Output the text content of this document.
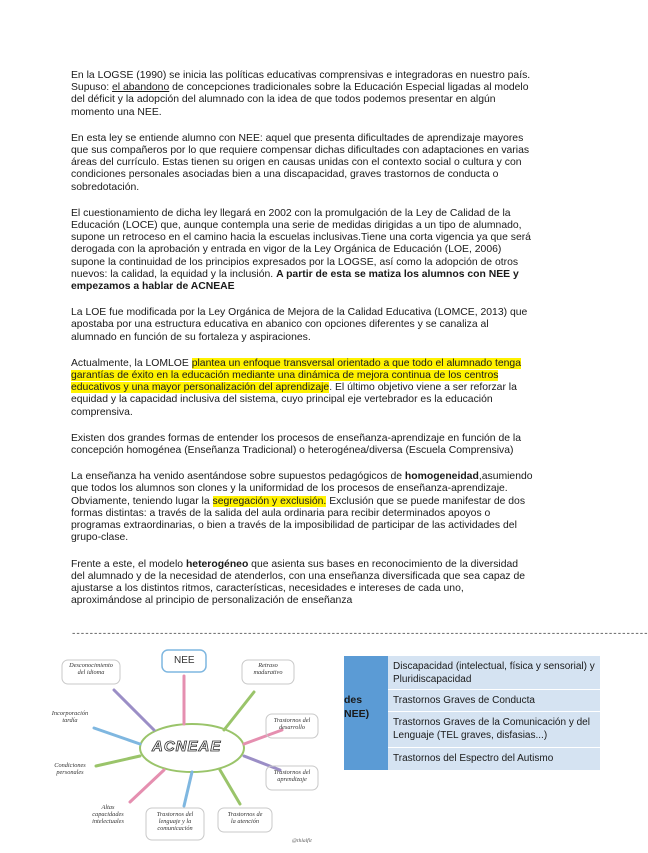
En la LOGSE (1990) se inicia las políticas educativas comprensivas e integradoras en nuestro país. Supuso: el abandono de concepciones tradicionales sobre la Educación Especial ligadas al modelo del déficit y la adopción del alumnado con la idea de que todos podemos presentar en algún momento una NEE.

En esta ley se entiende alumno con NEE: aquel que presenta dificultades de aprendizaje mayores que sus compañeros por lo que requiere compensar dichas dificultades con adaptaciones en varias áreas del currículo. Estas tienen su origen en causas unidas con el contexto social o cultura y con condiciones personales asociadas bien a una discapacidad, graves trastornos de conducta o sobredotación.

El cuestionamiento de dicha ley llegará en 2002 con la promulgación de la Ley de Calidad de la Educación (LOCE) que, aunque contempla una serie de medidas dirigidas a un tipo de alumnado, supone un retroceso en el camino hacia la escuelas inclusivas.Tiene una corta vigencia ya que será derogada con la aprobación y entrada en vigor de la Ley Orgánica de Educación (LOE, 2006) supone la continuidad de los principios expresados por la LOGSE, así como la adopción de otros nuevos: la calidad, la equidad y la inclusión. A partir de esta se matiza los alumnos con NEE y empezamos a hablar de ACNEAE

La LOE fue modificada por la Ley Orgánica de Mejora de la Calidad Educativa (LOMCE, 2013) que apostaba por una estructura educativa en abanico con opciones diferentes y se canaliza al alumnado en función de su fortaleza y aspiraciones.

Actualmente, la LOMLOE plantea un enfoque transversal orientado a que todo el alumnado tenga garantías de éxito en la educación mediante una dinámica de mejora continua de los centros educativos y una mayor personalización del aprendizaje. El último objetivo viene a ser reforzar la equidad y la capacidad inclusiva del sistema, cuyo principal eje vertebrador es la educación comprensiva.

Existen dos grandes formas de entender los procesos de enseñanza-aprendizaje en función de la concepción homogénea (Enseñanza Tradicional) o heterogénea/diversa (Escuela Comprensiva)

La enseñanza ha venido asentándose sobre supuestos pedagógicos de homogeneidad,asumiendo que todos los alumnos son clones y la uniformidad de los procesos de enseñanza-aprendizaje. Obviamente, teniendo lugar la segregación y exclusión. Exclusión que se puede manifestar de dos formas distintas: a través de la salida del aula ordinaria para recibir determinados apoyos o programas extraordinarias, o bien a través de la imposibilidad de participar de las actividades del grupo-clase.

Frente a este, el modelo heterogéneo que asienta sus bases en reconocimiento de la diversidad del alumnado y de la necesidad de atenderlos, con una enseñanza diversificada que sea capaz de ajustarse a los distintos ritmos, características, necesidades e intereses de cada uno, aproximándose al principio de personalización de enseñanza

-----------------------------------------------------------------------------------------------------------------------------------
NEE
ACNEAE
Desconocimiento
del idioma
Retraso
madurativo
Incorporación
tardía	Trastornos del
desarrollo
Condiciones
personales	Trastornos del
aprendizaje
Altas
capacidades
intelectuales
Trastornos del
lenguaje y la
comunicación
Trastornos de
la atención
@thlalfit
des
NEE)
Discapacidad (intelectual, física y sensorial) y Pluridiscapacidad
Trastornos Graves de Conducta
Trastornos Graves de la Comunicación y del Lenguaje (TEL graves, disfasias...)
Trastornos del Espectro del Autismo
